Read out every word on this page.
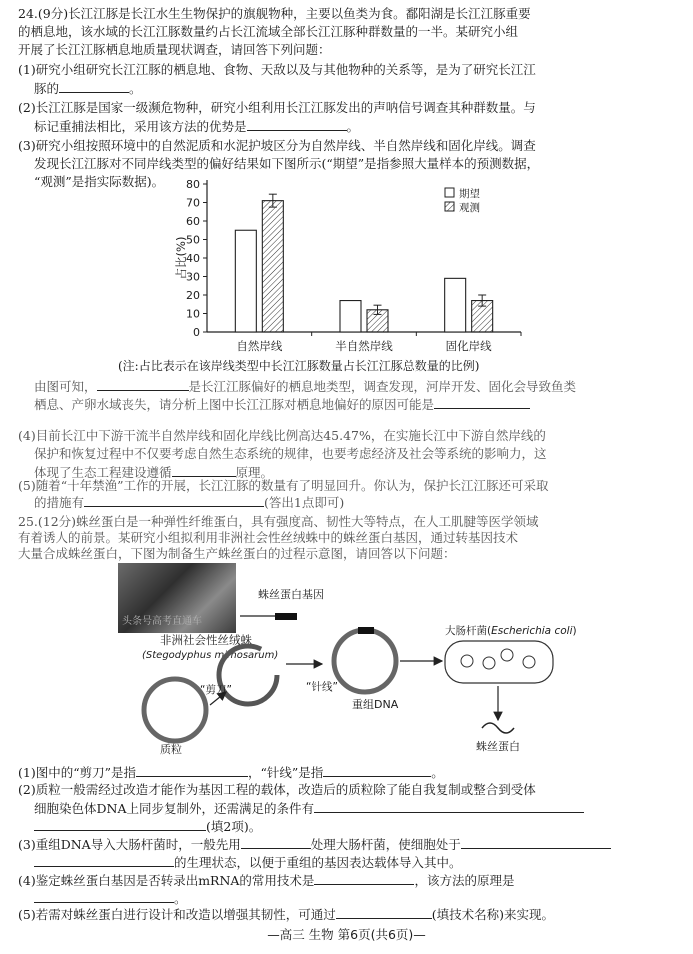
24.(9分)长江江豚是长江水生生物保护的旗舰物种，主要以鱼类为食。鄱阳湖是长江江豚重要
的栖息地，该水域的长江江豚数量约占长江流域全部长江江豚种群数量的一半。某研究小组
开展了长江江豚栖息地质量现状调查，请回答下列问题：
(1)研究小组研究长江江豚的栖息地、食物、天敌以及与其他物种的关系等，是为了研究长江江
豚的	。
(2)长江江豚是国家一级濒危物种，研究小组利用长江江豚发出的声呐信号调查其种群数量。与
标记重捕法相比，采用该方法的优势是	。
(3)研究小组按照环境中的自然泥质和水泥护坡区分为自然岸线、半自然岸线和固化岸线。调查
发现长江江豚对不同岸线类型的偏好结果如下图所示(“期望”是指参照大量样本的预测数据，
“观测”是指实际数据)。
0
10
20
30
40
50
60
70
80
占比(%)
自然岸线	半自然岸线	固化岸线
期望
观测
(注:占比表示在该岸线类型中长江江豚数量占长江江豚总数量的比例)
由图可知，	是长江江豚偏好的栖息地类型，调查发现，河岸开发、固化会导致鱼类
栖息、产卵水域丧失，请分析上图中长江江豚对栖息地偏好的原因可能是
(4)目前长江中下游干流半自然岸线和固化岸线比例高达45.47%，在实施长江中下游自然岸线的
保护和恢复过程中不仅要考虑自然生态系统的规律，也要考虑经济及社会等系统的影响力，这
体现了生态工程建设遵循	原理。
(5)随着“十年禁渔”工作的开展，长江江豚的数量有了明显回升。你认为，保护长江江豚还可采取
的措施有	(答出1点即可)
25.(12分)蛛丝蛋白是一种弹性纤维蛋白，具有强度高、韧性大等特点，在人工肌腱等医学领域
有着诱人的前景。某研究小组拟利用非洲社会性丝绒蛛中的蛛丝蛋白基因，通过转基因技术
大量合成蛛丝蛋白，下图为制备生产蛛丝蛋白的过程示意图，请回答以下问题：
非洲社会性丝绒蛛
(Stegodyphus mimosarum)
头条号高考直通车
蛛丝蛋白基因
质粒
“剪刀”	“针线”
重组DNA
大肠杆菌(Escherichia coli)
蛛丝蛋白
(1)图中的“剪刀”是指	，“针线”是指	。
(2)质粒一般需经过改造才能作为基因工程的载体，改造后的质粒除了能自我复制或整合到受体
细胞染色体DNA上同步复制外，还需满足的条件有
(填2项)。
(3)重组DNA导入大肠杆菌时，一般先用	处理大肠杆菌，使细胞处于
的生理状态，以便于重组的基因表达载体导入其中。
(4)鉴定蛛丝蛋白基因是否转录出mRNA的常用技术是	，该方法的原理是
。
(5)若需对蛛丝蛋白进行设计和改造以增强其韧性，可通过	(填技术名称)来实现。
—高三 生物 第6页(共6页)—
